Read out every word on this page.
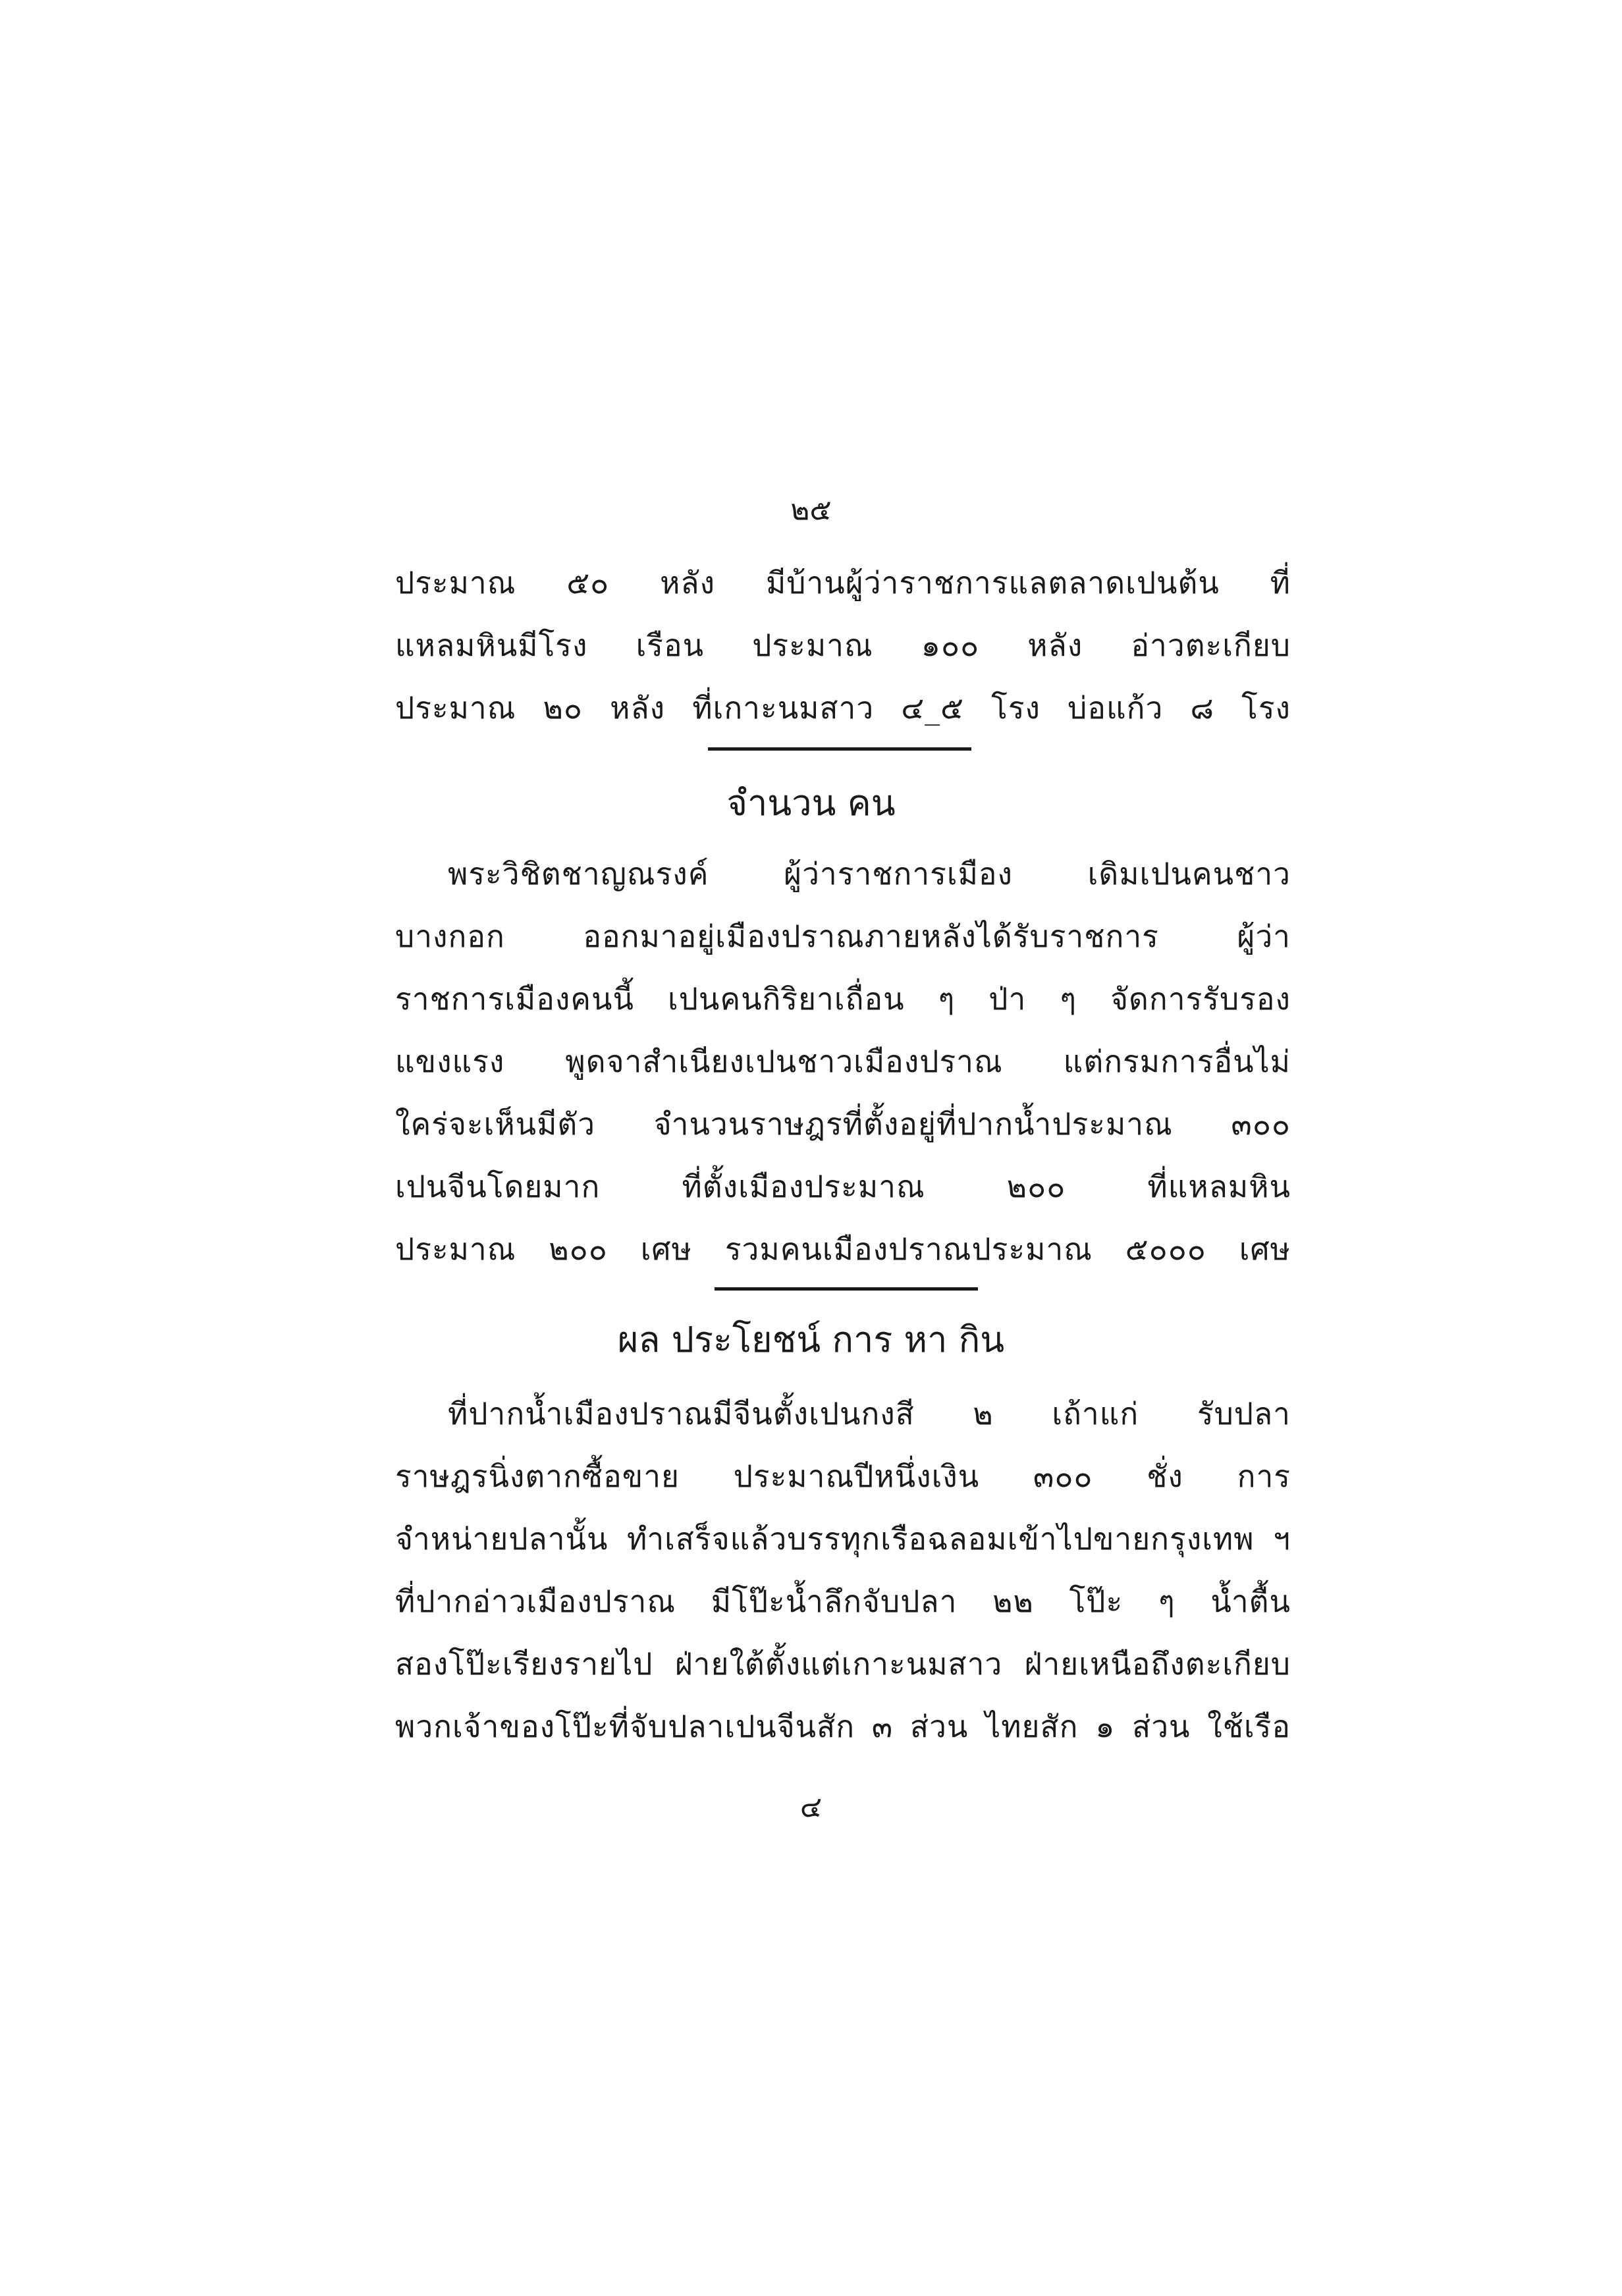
๒๕
ประมาณ ๕๐ หลัง มีบ้านผู้ว่าราชการแลตลาดเปนต้น ที่
แหลมหินมีโรง เรือน ประมาณ ๑๐๐ หลัง อ่าวตะเกียบ
ประมาณ ๒๐ หลัง ที่เกาะนมสาว ๔_๕ โรง บ่อแก้ว ๘ โรง
จำนวน คน
พระวิชิตชาญณรงค์ ผู้ว่าราชการเมือง เดิมเปนคนชาว
บางกอก ออกมาอยู่เมืองปราณภายหลังได้รับราชการ ผู้ว่า
ราชการเมืองคนนี้ เปนคนกิริยาเถื่อน ๆ ป่า ๆ จัดการรับรอง
แขงแรง พูดจาสำเนียงเปนชาวเมืองปราณ แต่กรมการอื่นไม่
ใคร่จะเห็นมีตัว จำนวนราษฎรที่ตั้งอยู่ที่ปากน้ำประมาณ ๓๐๐
เปนจีนโดยมาก ที่ตั้งเมืองประมาณ ๒๐๐ ที่แหลมหิน
ประมาณ ๒๐๐ เศษ รวมคนเมืองปราณประมาณ ๕๐๐๐ เศษ
ผล ประโยชน์ การ หา กิน
ที่ปากน้ำเมืองปราณมีจีนตั้งเปนกงสี ๒ เถ้าแก่ รับปลา
ราษฎรนิ่งตากซื้อขาย ประมาณปีหนึ่งเงิน ๓๐๐ ชั่ง การ
จำหน่ายปลานั้น ทำเสร็จแล้วบรรทุกเรือฉลอมเข้าไปขายกรุงเทพ ฯ
ที่ปากอ่าวเมืองปราณ มีโป๊ะน้ำลึกจับปลา ๒๒ โป๊ะ ๆ น้ำตื้น
สองโป๊ะเรียงรายไป ฝ่ายใต้ตั้งแต่เกาะนมสาว ฝ่ายเหนือถึงตะเกียบ
พวกเจ้าของโป๊ะที่จับปลาเปนจีนสัก ๓ ส่วน ไทยสัก ๑ ส่วน ใช้เรือ
๔
